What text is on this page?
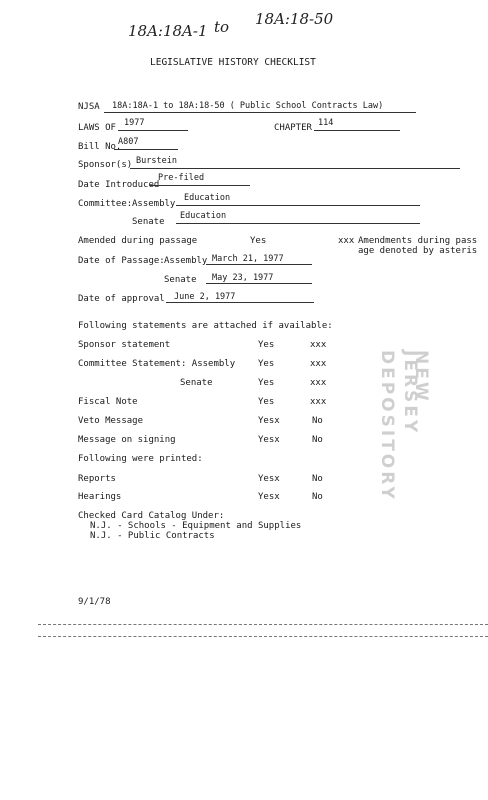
18A:18A-1 to 18A:18-50
LEGISLATIVE HISTORY CHECKLIST
NJSA 18A:18A-1 to 18A:18-50 ( Public School Contracts Law)
LAWS OF 1977	CHAPTER 114
Bill No.
A807
Sponsor(s) Burstein
Date Introduced
Pre-filed
Committee: Assembly
Education
Senate
Education
Amended during passage	Yes	xxx Amendments during pass
age denoted by asteris
Date of Passage: Assembly March 21, 1977
Senate May 23, 1977
Date of approval June 2, 1977
Following statements are attached if available:
Sponsor statement	Yes	xxx
Committee Statement: Assembly	Yes	xxx
Senate	Yes	xxx
Fiscal Note	Yes	xxx
Veto Message	Yesx	No
Message on signing	Yesx	No
Following were printed:
Reports	Yesx	No
Hearings	Yesx	No
Checked Card Catalog Under:
N.J. - Schools - Equipment and Supplies
N.J. - Public Contracts
9/1/78
DEPOSITORY NEW JERSEY
